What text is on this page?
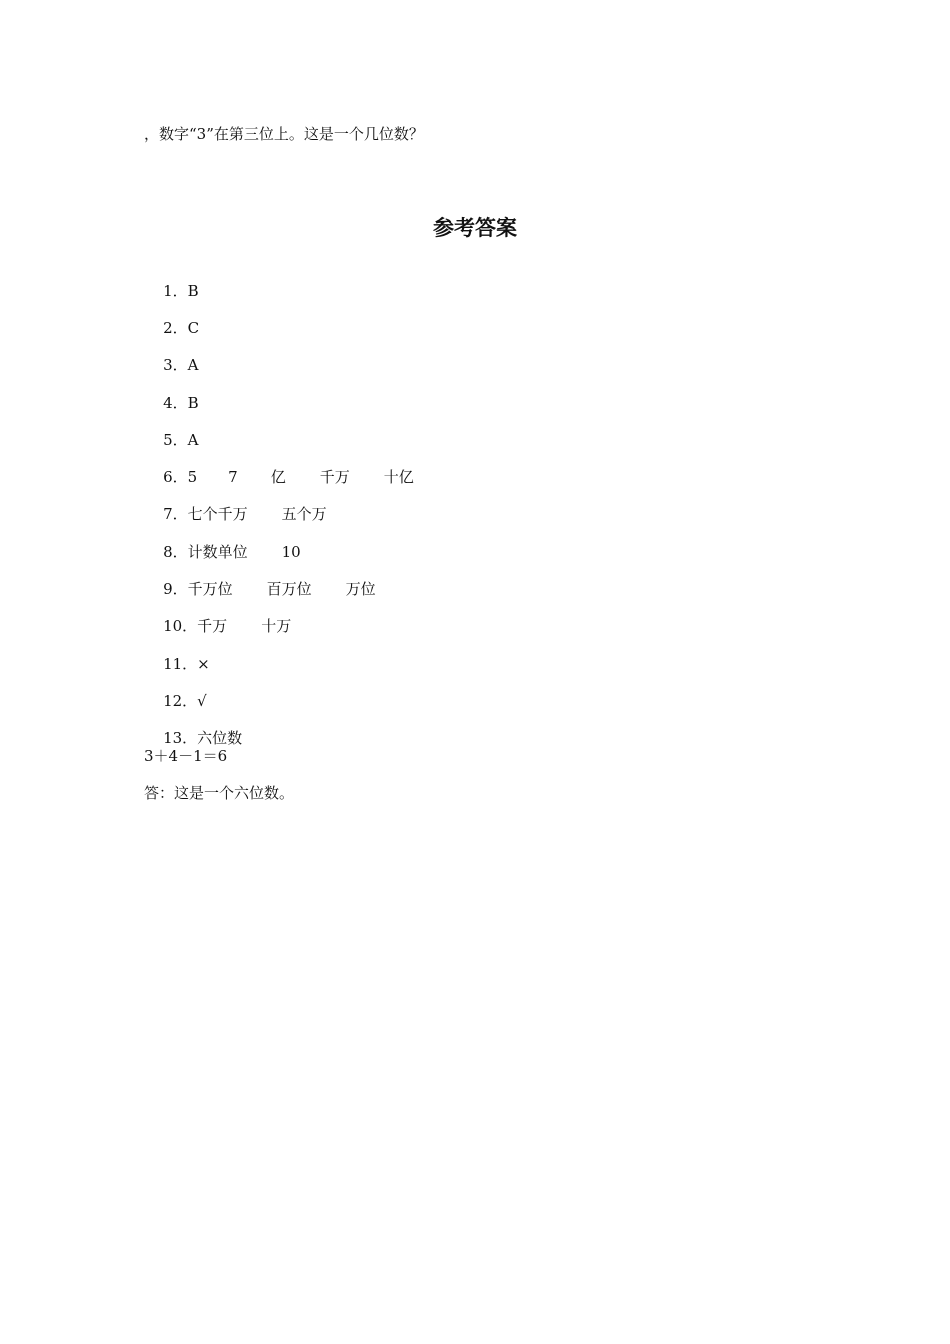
，数字“3”在第三位上。这是一个几位数？
参考答案

1．B

2．C

3．A

4．B

5．A

6．5 7 亿 千万 十亿

7．七个千万 五个万

8．计数单位 10

9．千万位 百万位 万位

10．千万 十万

11．×

12．√

13．六位数

3＋4－1＝6
答：这是一个六位数。
